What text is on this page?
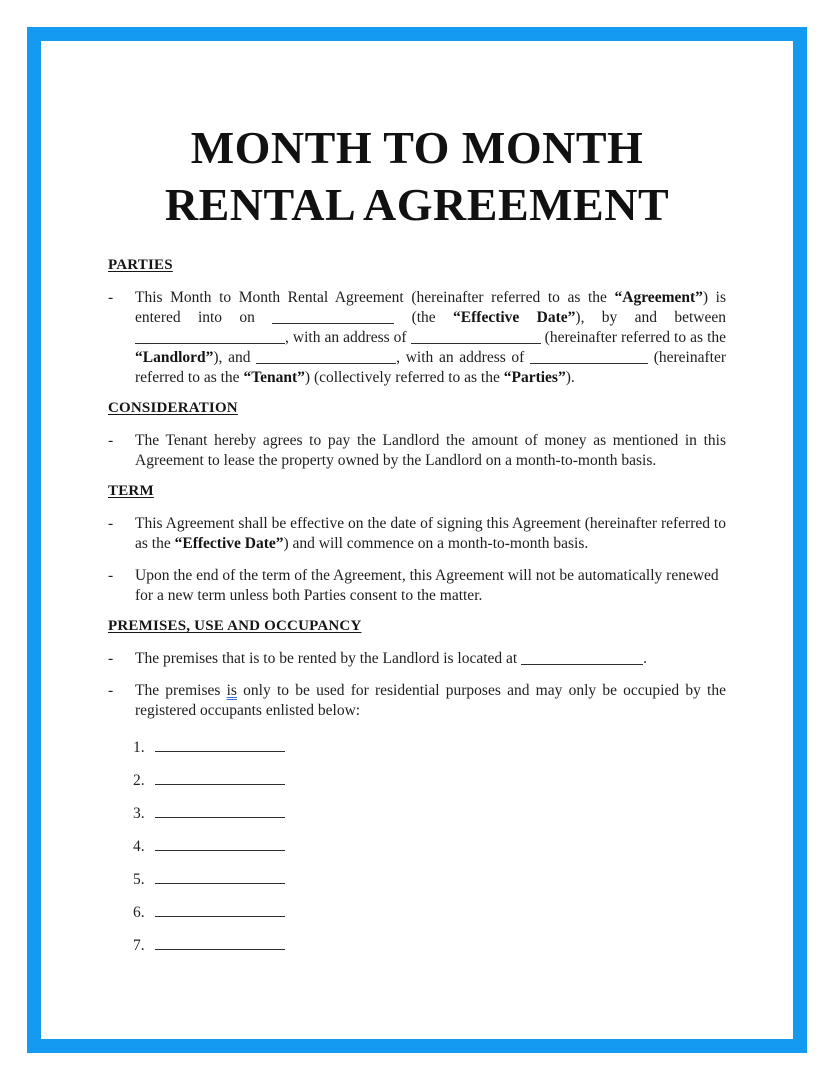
MONTH TO MONTH
RENTAL AGREEMENT
PARTIES
-	This Month to Month Rental Agreement (hereinafter referred to as the “Agreement”) is entered into on	(the “Effective Date”), by and between , with an address of	(hereinafter referred to as the “Landlord”), and	, with an address of	(hereinafter referred to as the “Tenant”) (collectively referred to as the “Parties”).
CONSIDERATION
-	The Tenant hereby agrees to pay the Landlord the amount of money as mentioned in this Agreement to lease the property owned by the Landlord on a month-to-month basis.
TERM
-	This Agreement shall be effective on the date of signing this Agreement (hereinafter referred to as the “Effective Date”) and will commence on a month-to-month basis.
-	Upon the end of the term of the Agreement, this Agreement will not be automatically renewed for a new term unless both Parties consent to the matter.
PREMISES, USE AND OCCUPANCY
-	The premises that is to be rented by the Landlord is located at	.
-	The premises is only to be used for residential purposes and may only be occupied by the registered occupants enlisted below:
1.
2.
3.
4.
5.
6.
7.
